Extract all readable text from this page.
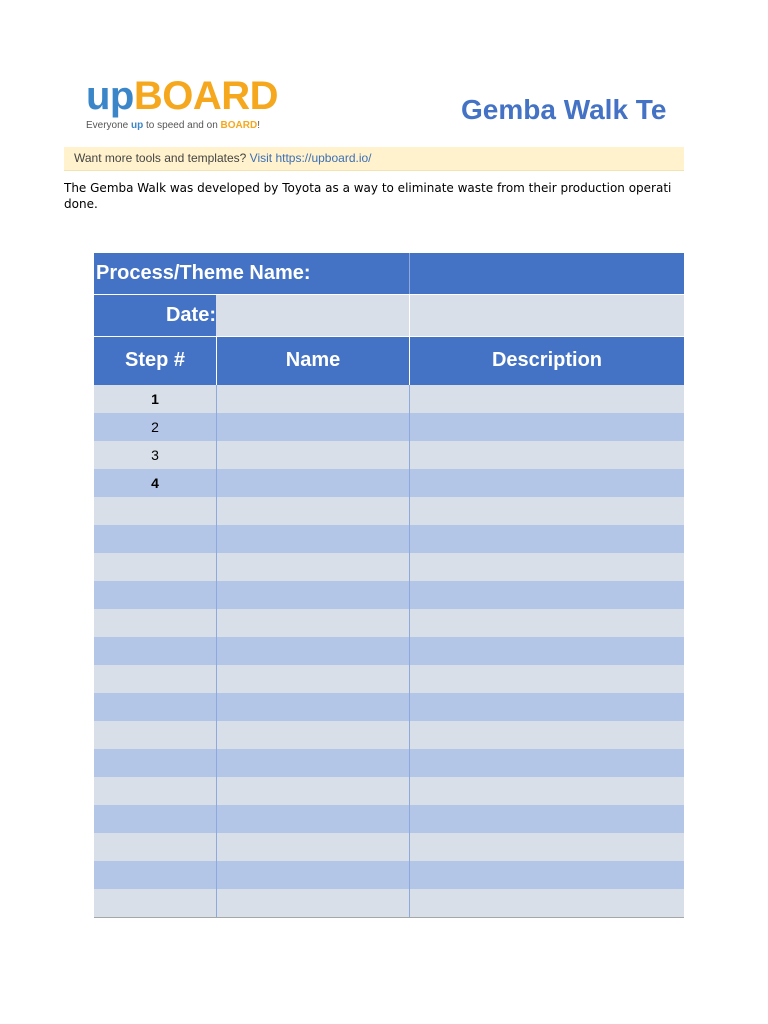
upBOARD
Everyone up to speed and on BOARD!
Gemba Walk Te
Want more tools and templates? Visit https://upboard.io/
The Gemba Walk was developed by Toyota as a way to eliminate waste from their production operati
done.
Process/Theme Name:
Date:
Step #	Name	Description
1
2
3
4
